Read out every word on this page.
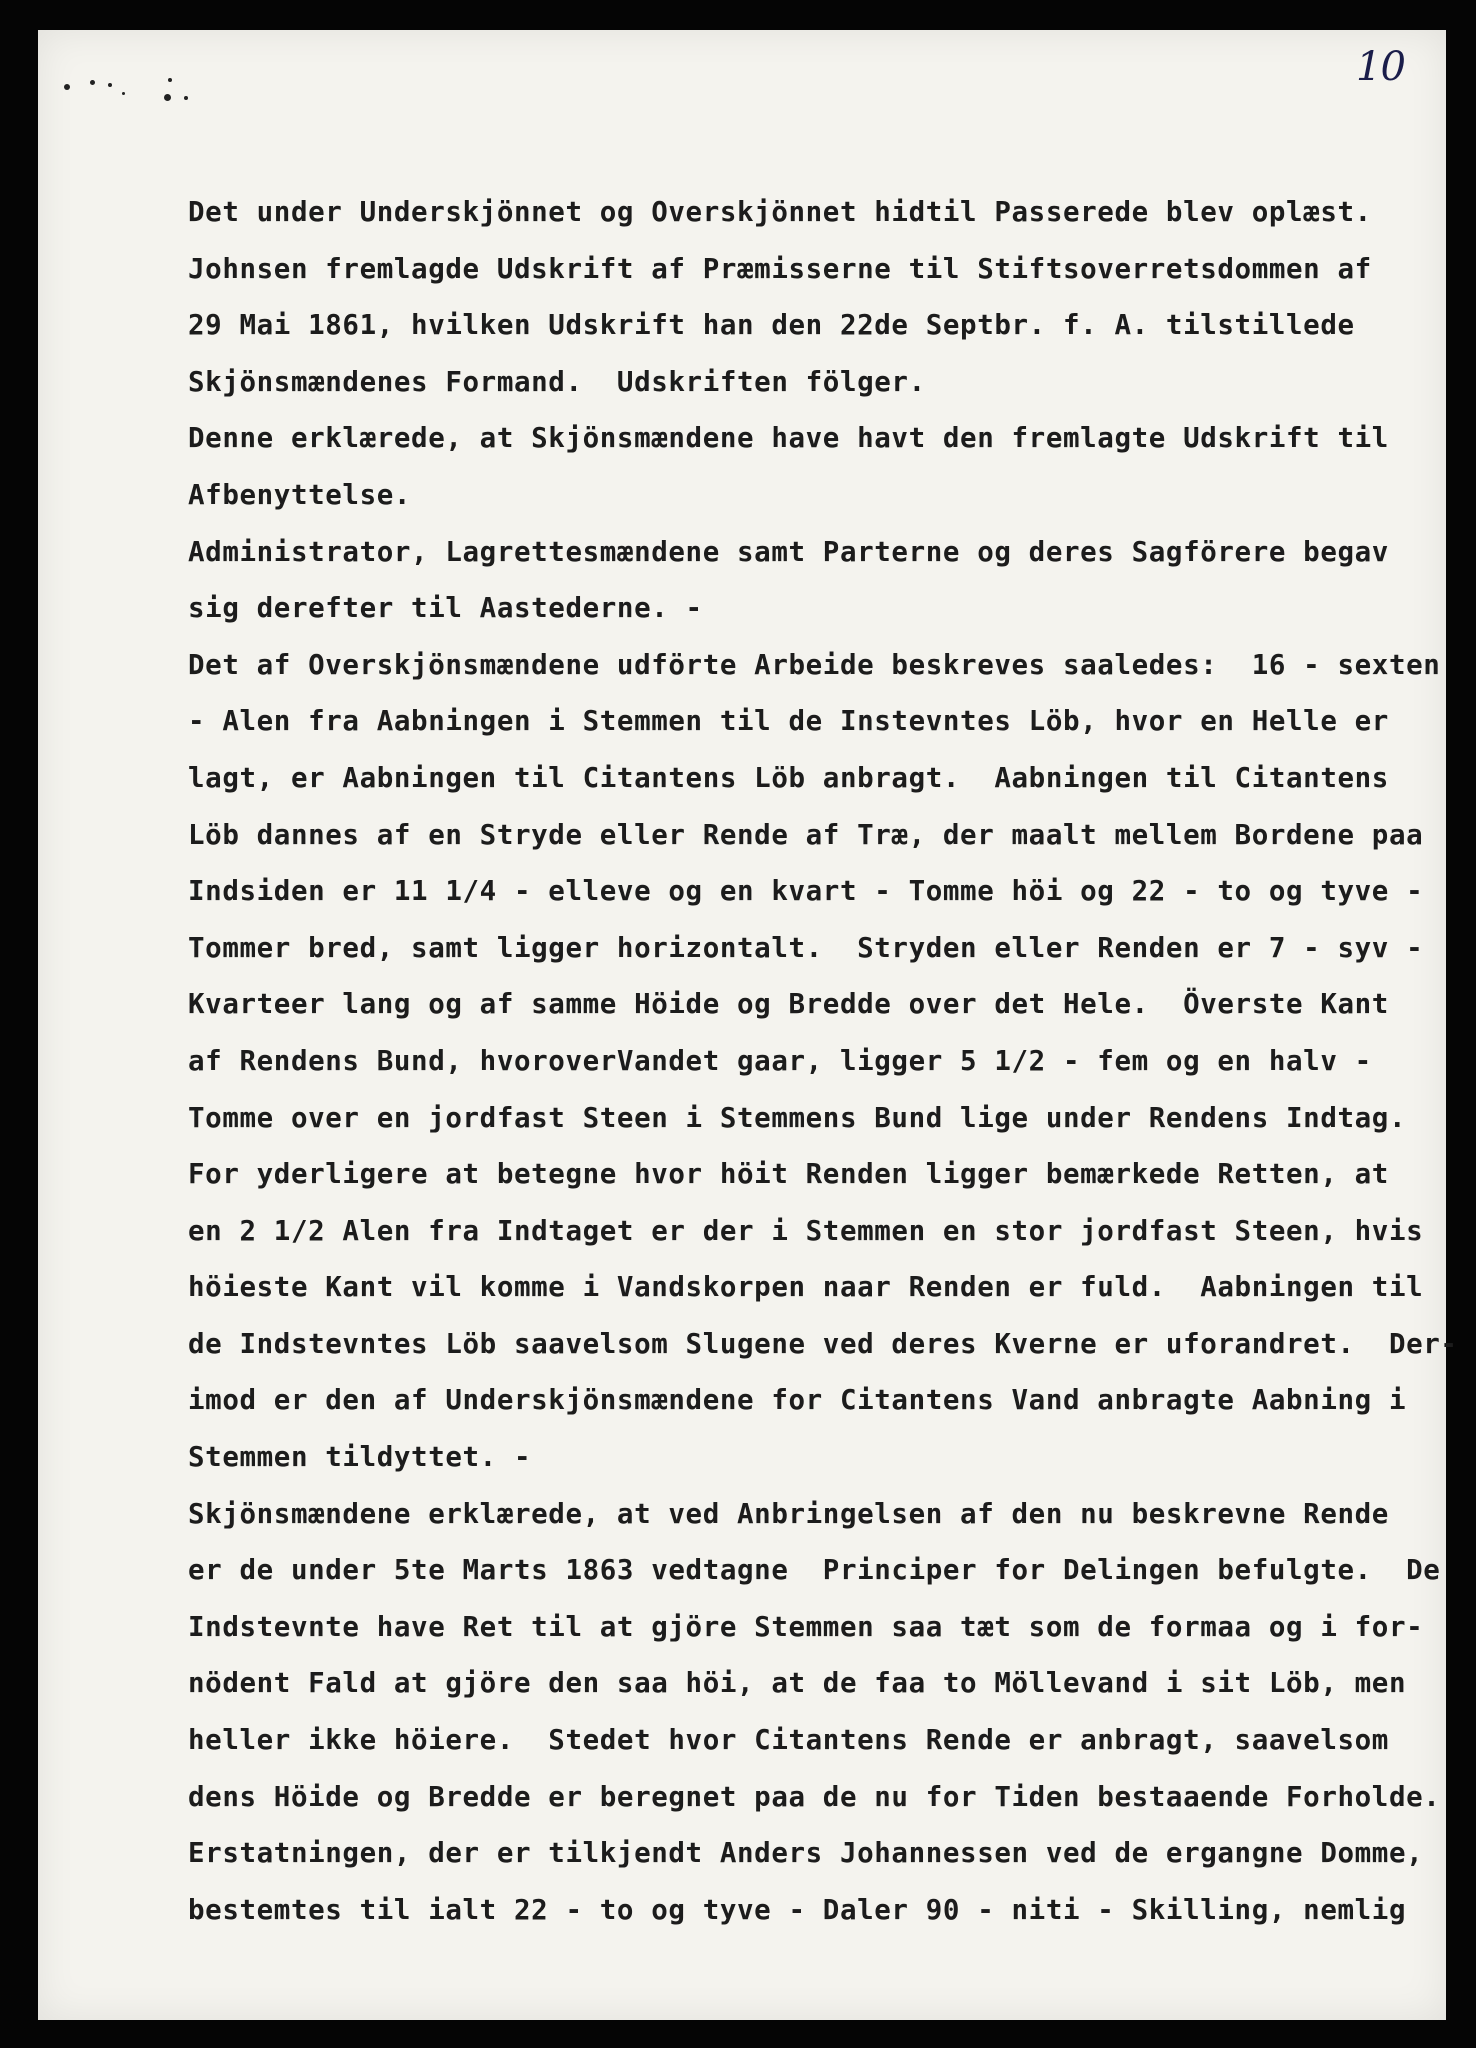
10
Det under Underskjönnet og Overskjönnet hidtil Passerede blev oplæst.
Johnsen fremlagde Udskrift af Præmisserne til Stiftsoverretsdommen af
29 Mai 1861, hvilken Udskrift han den 22de Septbr. f. A. tilstillede
Skjönsmændenes Formand.  Udskriften fölger.
Denne erklærede, at Skjönsmændene have havt den fremlagte Udskrift til
Afbenyttelse.
Administrator, Lagrettesmændene samt Parterne og deres Sagförere begav
sig derefter til Aastederne. -
Det af Overskjönsmændene udförte Arbeide beskreves saaledes:  16 - sexten
- Alen fra Aabningen i Stemmen til de Instevntes Löb, hvor en Helle er
lagt, er Aabningen til Citantens Löb anbragt.  Aabningen til Citantens
Löb dannes af en Stryde eller Rende af Træ, der maalt mellem Bordene paa
Indsiden er 11 1/4 - elleve og en kvart - Tomme höi og 22 - to og tyve -
Tommer bred, samt ligger horizontalt.  Stryden eller Renden er 7 - syv -
Kvarteer lang og af samme Höide og Bredde over det Hele.  Överste Kant
af Rendens Bund, hvoroverVandet gaar, ligger 5 1/2 - fem og en halv -
Tomme over en jordfast Steen i Stemmens Bund lige under Rendens Indtag.
For yderligere at betegne hvor höit Renden ligger bemærkede Retten, at
en 2 1/2 Alen fra Indtaget er der i Stemmen en stor jordfast Steen, hvis
höieste Kant vil komme i Vandskorpen naar Renden er fuld.  Aabningen til
de Indstevntes Löb saavelsom Slugene ved deres Kverne er uforandret.  Der-
imod er den af Underskjönsmændene for Citantens Vand anbragte Aabning i
Stemmen tildyttet. -
Skjönsmændene erklærede, at ved Anbringelsen af den nu beskrevne Rende
er de under 5te Marts 1863 vedtagne  Principer for Delingen befulgte.  De
Indstevnte have Ret til at gjöre Stemmen saa tæt som de formaa og i for-
nödent Fald at gjöre den saa höi, at de faa to Möllevand i sit Löb, men
heller ikke höiere.  Stedet hvor Citantens Rende er anbragt, saavelsom
dens Höide og Bredde er beregnet paa de nu for Tiden bestaaende Forholde.
Erstatningen, der er tilkjendt Anders Johannessen ved de ergangne Domme,
bestemtes til ialt 22 - to og tyve - Daler 90 - niti - Skilling, nemlig
